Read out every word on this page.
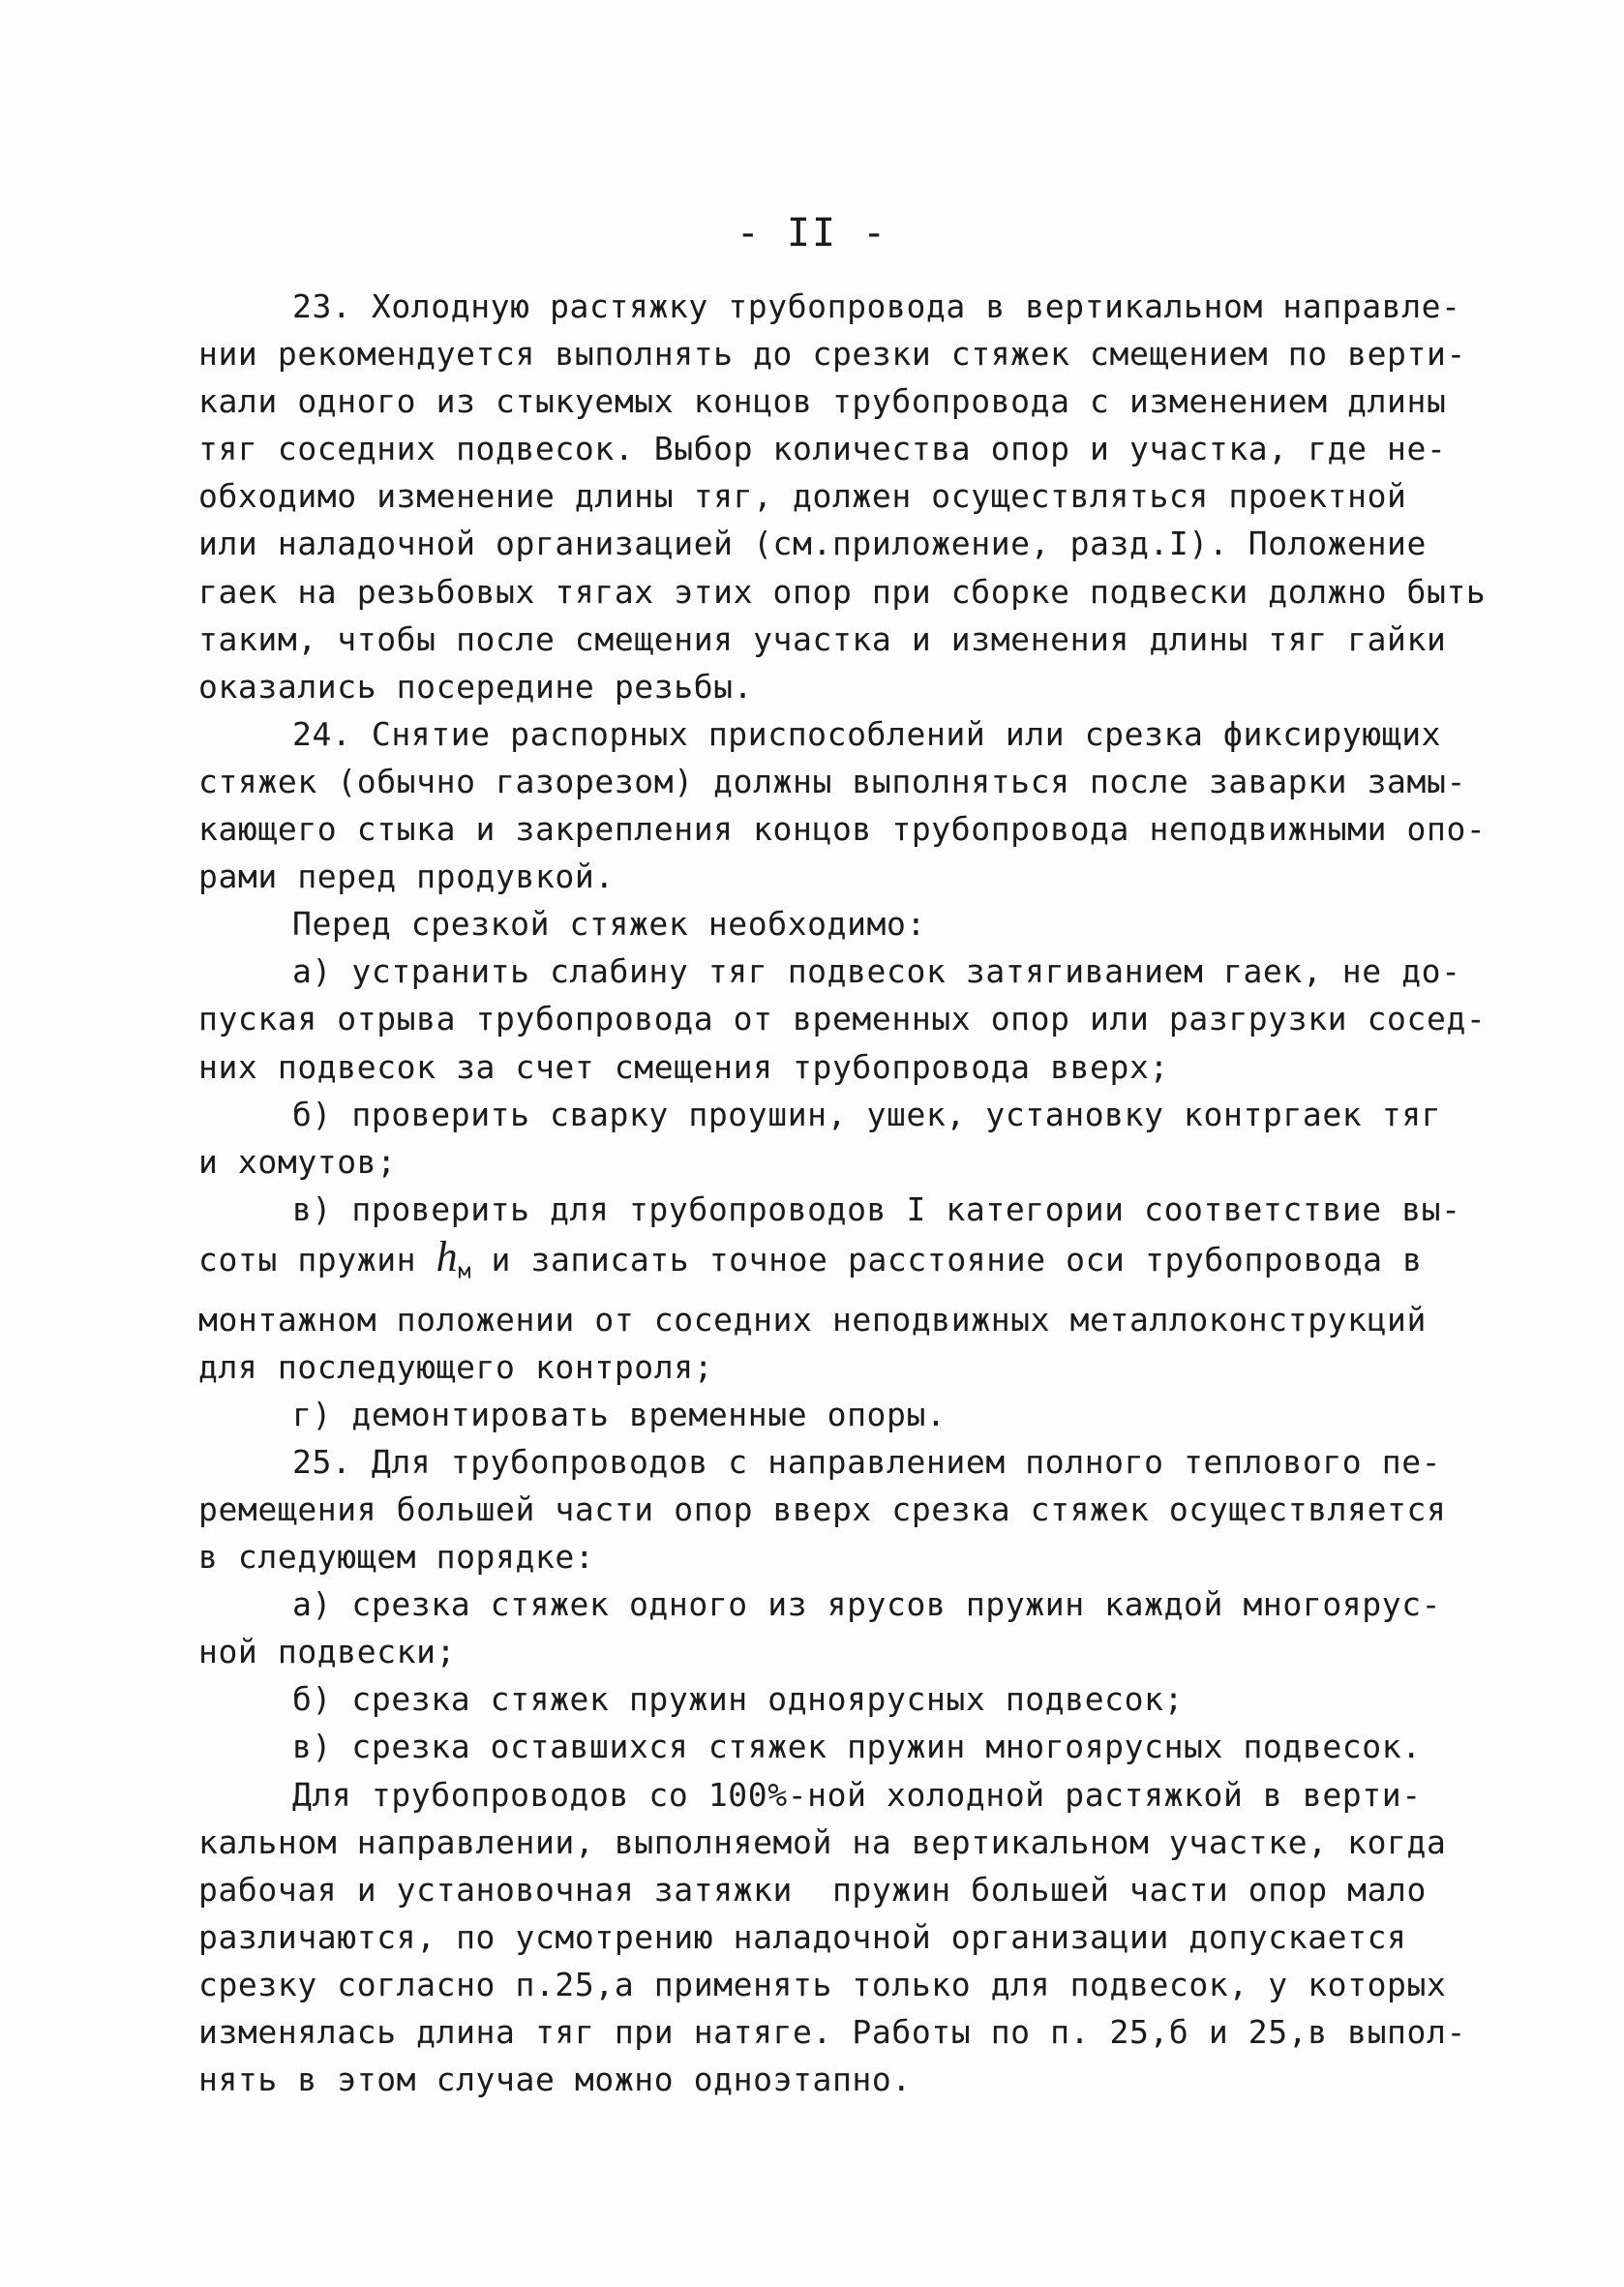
- II -
23. Холодную растяжку трубопровода в вертикальном направле-
нии рекомендуется выполнять до срезки стяжек смещением по верти-
кали одного из стыкуемых концов трубопровода с изменением длины
тяг соседних подвесок. Выбор количества опор и участка, где не-
обходимо изменение длины тяг, должен осуществляться проектной
или наладочной организацией (см.приложение, разд.I). Положение
гаек на резьбовых тягах этих опор при сборке подвески должно быть
таким, чтобы после смещения участка и изменения длины тяг гайки
оказались посередине резьбы.
24. Снятие распорных приспособлений или срезка фиксирующих
стяжек (обычно газорезом) должны выполняться после заварки замы-
кающего стыка и закрепления концов трубопровода неподвижными опо-
рами перед продувкой.
Перед срезкой стяжек необходимо:
а) устранить слабину тяг подвесок затягиванием гаек, не до-
пуская отрыва трубопровода от временных опор или разгрузки сосед-
них подвесок за счет смещения трубопровода вверх;
б) проверить сварку проушин, ушек, установку контргаек тяг
и хомутов;
в) проверить для трубопроводов I категории соответствие вы-
соты пружин $h_м$ и записать точное расстояние оси трубопровода в
монтажном положении от соседних неподвижных металлоконструкций
для последующего контроля;
г) демонтировать временные опоры.
25. Для трубопроводов с направлением полного теплового пе-
ремещения большей части опор вверх срезка стяжек осуществляется
в следующем порядке:
а) срезка стяжек одного из ярусов пружин каждой многоярус-
ной подвески;
б) срезка стяжек пружин одноярусных подвесок;
в) срезка оставшихся стяжек пружин многоярусных подвесок.
Для трубопроводов со 100%-ной холодной растяжкой в верти-
кальном направлении, выполняемой на вертикальном участке, когда
рабочая и установочная затяжки  пружин большей части опор мало
различаются, по усмотрению наладочной организации допускается
срезку согласно п.25,а применять только для подвесок, у которых
изменялась длина тяг при натяге. Работы по п. 25,б и 25,в выпол-
нять в этом случае можно одноэтапно.
